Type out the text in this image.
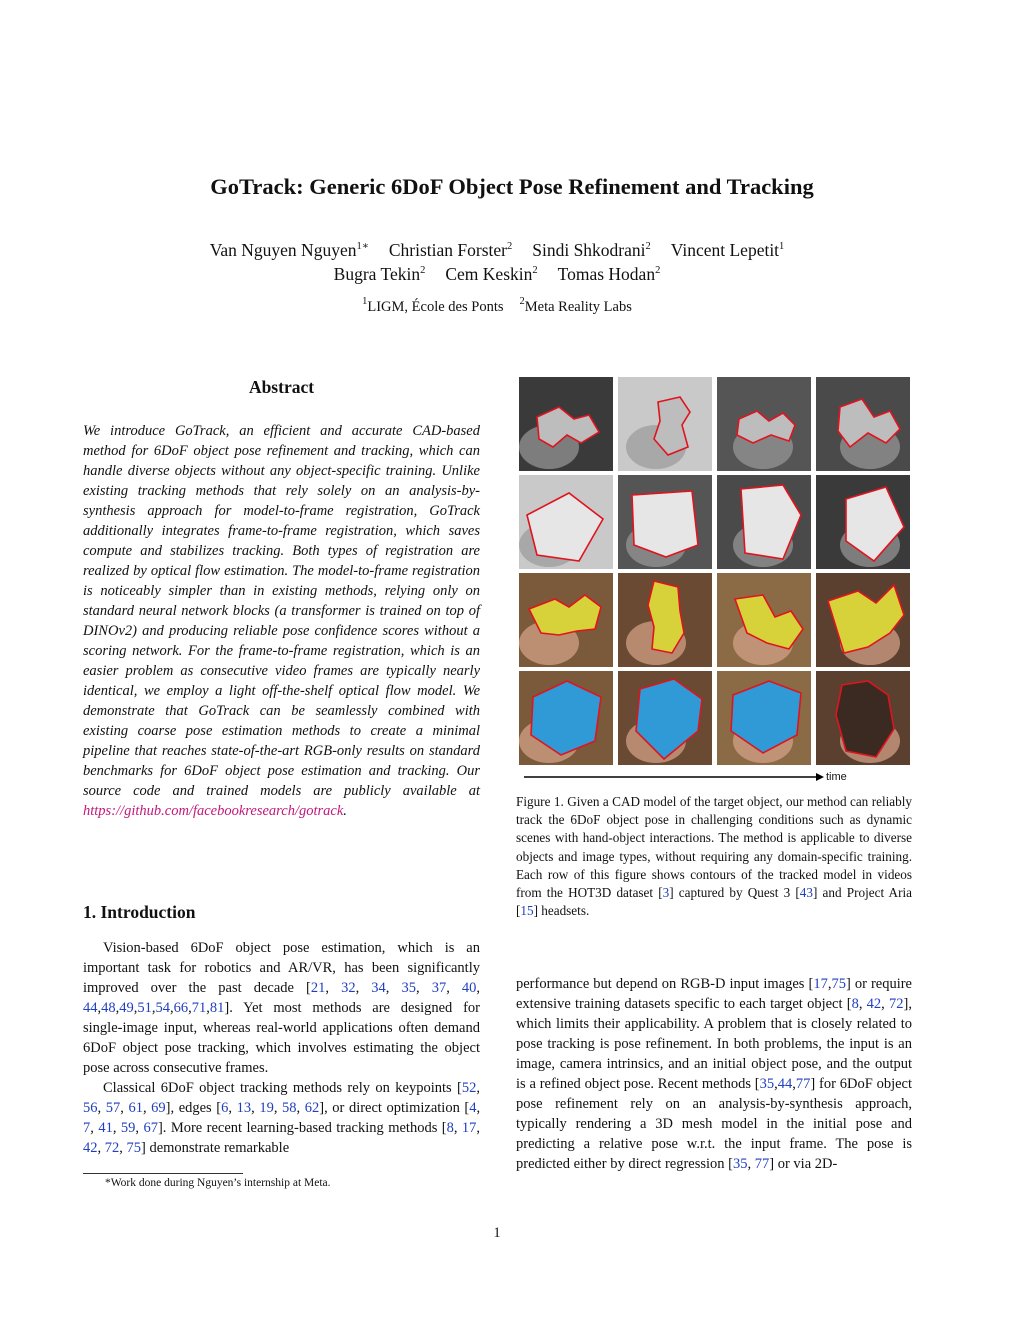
GoTrack: Generic 6DoF Object Pose Refinement and Tracking
Van Nguyen Nguyen$^{1∗}$ Christian Forster$^2$ Sindi Shkodrani$^2$ Vincent Lepetit$^1$
Bugra Tekin$^2$ Cem Keskin$^2$ Tomas Hodan$^2$
$^1$LIGM, École des Ponts $^2$Meta Reality Labs
Abstract
We introduce GoTrack, an efficient and accurate CAD-based method for 6DoF object pose refinement and tracking, which can handle diverse objects without any object-specific training. Unlike existing tracking methods that rely solely on an analysis-by-synthesis approach for model-to-frame registration, GoTrack additionally integrates frame-to-frame registration, which saves compute and stabilizes tracking. Both types of registration are realized by optical flow estimation. The model-to-frame registration is noticeably simpler than in existing methods, relying only on standard neural network blocks (a transformer is trained on top of DINOv2) and producing reliable pose confidence scores without a scoring network. For the frame-to-frame registration, which is an easier problem as consecutive video frames are typically nearly identical, we employ a light off-the-shelf optical flow model. We demonstrate that GoTrack can be seamlessly combined with existing coarse pose estimation methods to create a minimal pipeline that reaches state-of-the-art RGB-only results on standard benchmarks for 6DoF object pose estimation and tracking. Our source code and trained models are publicly available at https://github.com/facebookresearch/gotrack.
1. Introduction

Vision-based 6DoF object pose estimation, which is an important task for robotics and AR/VR, has been significantly improved over the past decade [21, 32, 34, 35, 37, 40, 44,48,49,51,54,66,71,81]. Yet most methods are designed for single-image input, whereas real-world applications often demand 6DoF object pose tracking, which involves estimating the object pose across consecutive frames.

Classical 6DoF object tracking methods rely on keypoints [52, 56, 57, 61, 69], edges [6, 13, 19, 58, 62], or direct optimization [4, 7, 41, 59, 67]. More recent learning-based tracking methods [8, 17, 42, 72, 75] demonstrate remarkable

*Work done during Nguyen’s internship at Meta.
time
Figure 1. Given a CAD model of the target object, our method can reliably track the 6DoF object pose in challenging conditions such as dynamic scenes with hand-object interactions. The method is applicable to diverse objects and image types, without requiring any domain-specific training. Each row of this figure shows contours of the tracked model in videos from the HOT3D dataset [3] captured by Quest 3 [43] and Project Aria [15] headsets.
performance but depend on RGB-D input images [17,75] or require extensive training datasets specific to each target object [8, 42, 72], which limits their applicability. A problem that is closely related to pose tracking is pose refinement. In both problems, the input is an image, camera intrinsics, and an initial object pose, and the output is a refined object pose. Recent methods [35,44,77] for 6DoF object pose refinement rely on an analysis-by-synthesis approach, typically rendering a 3D mesh model in the initial pose and predicting a relative pose w.r.t. the input frame. The pose is predicted either by direct regression [35, 77] or via 2D-
1
